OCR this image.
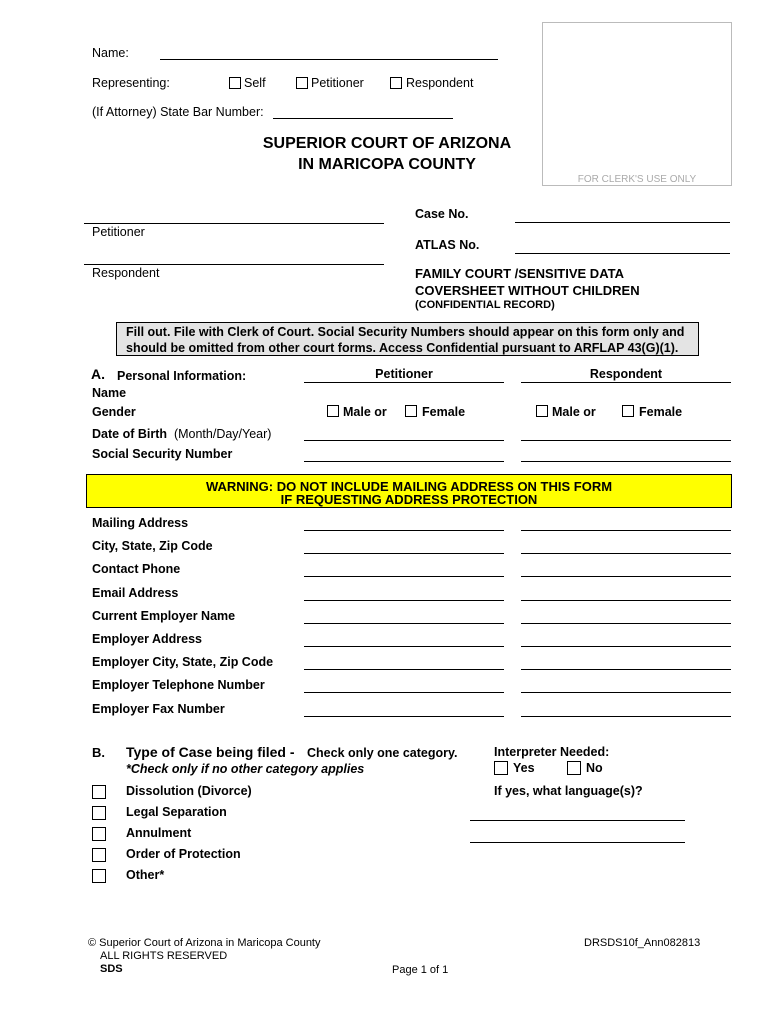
Name:
Representing:	Self	Petitioner	Respondent
(If Attorney) State Bar Number:
FOR CLERK'S USE ONLY
SUPERIOR COURT OF ARIZONA
IN MARICOPA COUNTY
Petitioner
Respondent
Case No.
ATLAS No.
FAMILY COURT /SENSITIVE DATA
COVERSHEET WITHOUT CHILDREN
(CONFIDENTIAL RECORD)
Fill out. File with Clerk of Court. Social Security Numbers should appear on this form only and
should be omitted from other court forms. Access Confidential pursuant to ARFLAP 43(G)(1).
A. Personal Information:	Petitioner	Respondent
Name
Gender	Male or	Female	Male or	Female
Date of Birth (Month/Day/Year)
Social Security Number
WARNING: DO NOT INCLUDE MAILING ADDRESS ON THIS FORM
IF REQUESTING ADDRESS PROTECTION
Mailing Address
City, State, Zip Code
Contact Phone
Email Address
Current Employer Name
Employer Address
Employer City, State, Zip Code
Employer Telephone Number
Employer Fax Number
B. Type of Case being filed - Check only one category.
*Check only if no other category applies
Dissolution (Divorce)
Legal Separation
Annulment
Order of Protection
Other*
Interpreter Needed:
Yes	No
If yes, what language(s)?
© Superior Court of Arizona in Maricopa County
ALL RIGHTS RESERVED
SDS	Page 1 of 1
DRSDS10f_Ann082813
